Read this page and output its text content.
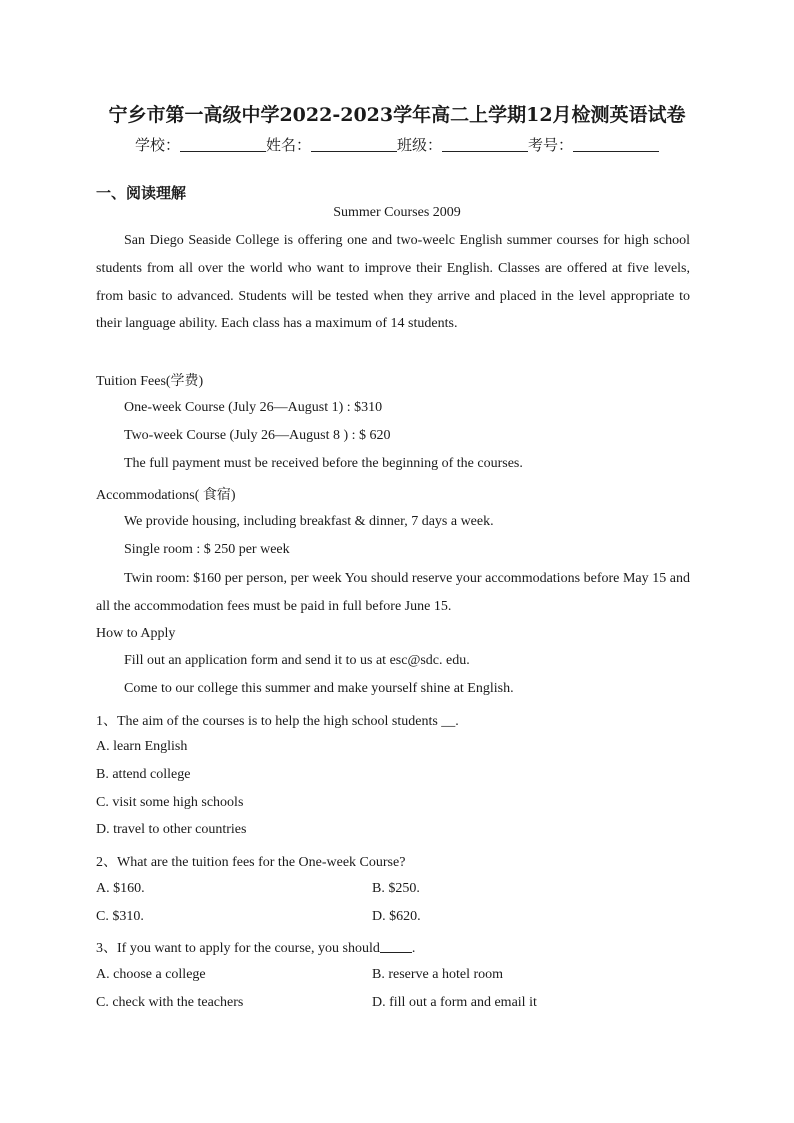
宁乡市第一高级中学2022-2023学年高二上学期12月检测英语试卷
学校：	姓名：	班级：	考号：
一、阅读理解
Summer Courses 2009
San Diego Seaside College is offering one and two-weelc English summer courses for high school students from all over the world who want to improve their English. Classes are offered at five levels, from basic to advanced. Students will be tested when they arrive and placed in the level appropriate to their language ability. Each class has a maximum of 14 students.
Tuition Fees(学费)
One-week Course (July 26—August 1) : $310
Two-week Course (July 26—August 8 ) : $ 620
The full payment must be received before the beginning of the courses.
Accommodations( 食宿)
We provide housing, including breakfast & dinner, 7 days a week.
Single room : $ 250 per week
Twin room: $160 per person, per week You should reserve your accommodations before May 15 and all the accommodation fees must be paid in full before June 15.
How to Apply
Fill out an application form and send it to us at esc@sdc. edu.
Come to our college this summer and make yourself shine at English.
1、The aim of the courses is to help the high school students __.
A. learn English
B. attend college
C. visit some high schools
D. travel to other countries
2、What are the tuition fees for the One-week Course?
A. $160.	B. $250.
C. $310.	D. $620.
3、If you want to apply for the course, you should .
A. choose a college	B. reserve a hotel room
C. check with the teachers	D. fill out a form and email it
